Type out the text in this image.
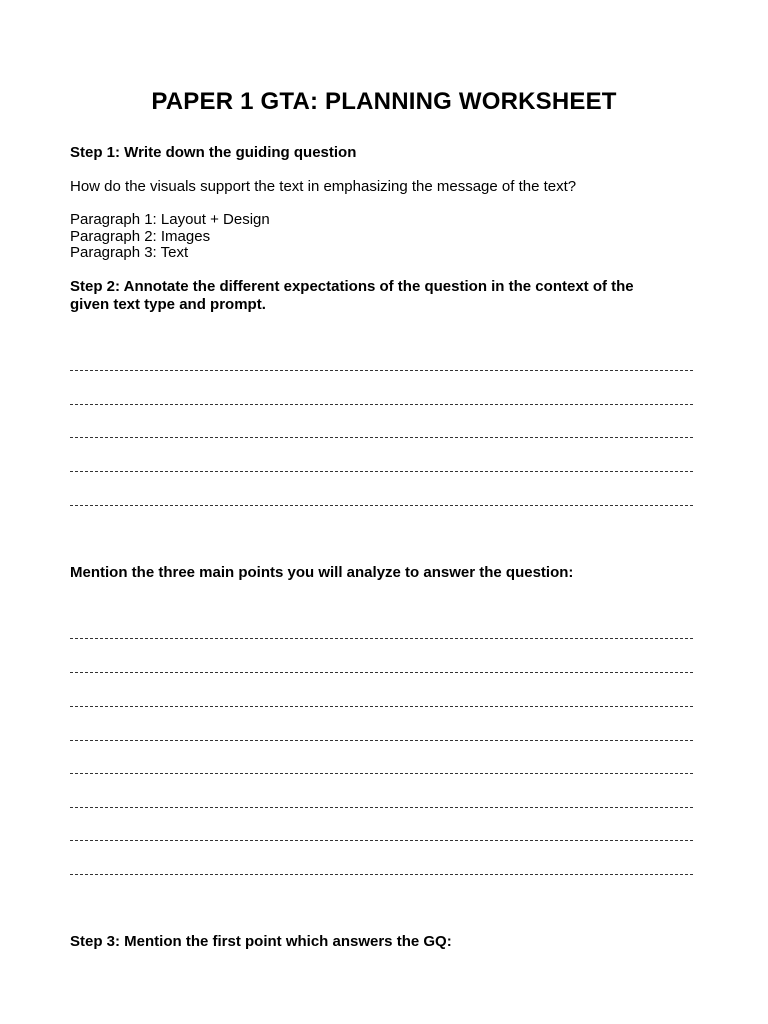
PAPER 1 GTA: PLANNING WORKSHEET
Step 1: Write down the guiding question
How do the visuals support the text in emphasizing the message of the text?
Paragraph 1: Layout + Design
Paragraph 2: Images
Paragraph 3: Text
Step 2: Annotate the different expectations of the question in the context of the
given text type and prompt.
Mention the three main points you will analyze to answer the question:
Step 3: Mention the first point which answers the GQ:
